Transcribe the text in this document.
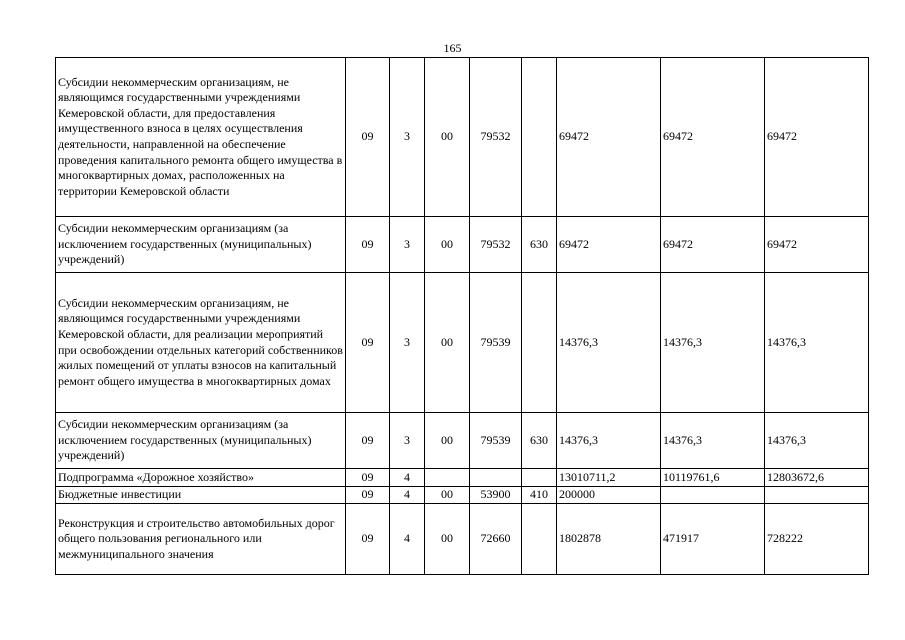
165
Субсидии некоммерческим организациям, не являющимся государственными учреждениями Кемеровской области, для предоставления имущественного взноса в целях осуществления деятельности, направленной на обеспечение проведения капитального ремонта общего имущества в многоквартирных домах, расположенных на территории Кемеровской области	09	3	00	79532		69472	69472	69472
Субсидии некоммерческим организациям (за исключением государственных (муниципальных) учреждений)	09	3	00	79532	630	69472	69472	69472
Субсидии некоммерческим организациям, не являющимся государственными учреждениями Кемеровской области, для реализации мероприятий при освобождении отдельных категорий собственников жилых помещений от уплаты взносов на капитальный ремонт общего имущества в многоквартирных домах	09	3	00	79539		14376,3	14376,3	14376,3
Субсидии некоммерческим организациям (за исключением государственных (муниципальных) учреждений)	09	3	00	79539	630	14376,3	14376,3	14376,3
Подпрограмма «Дорожное хозяйство»	09	4				13010711,2	10119761,6	12803672,6
Бюджетные инвестиции	09	4	00	53900	410	200000		
Реконструкция и строительство автомобильных дорог общего пользования регионального или межмуниципального значения	09	4	00	72660		1802878	471917	728222
